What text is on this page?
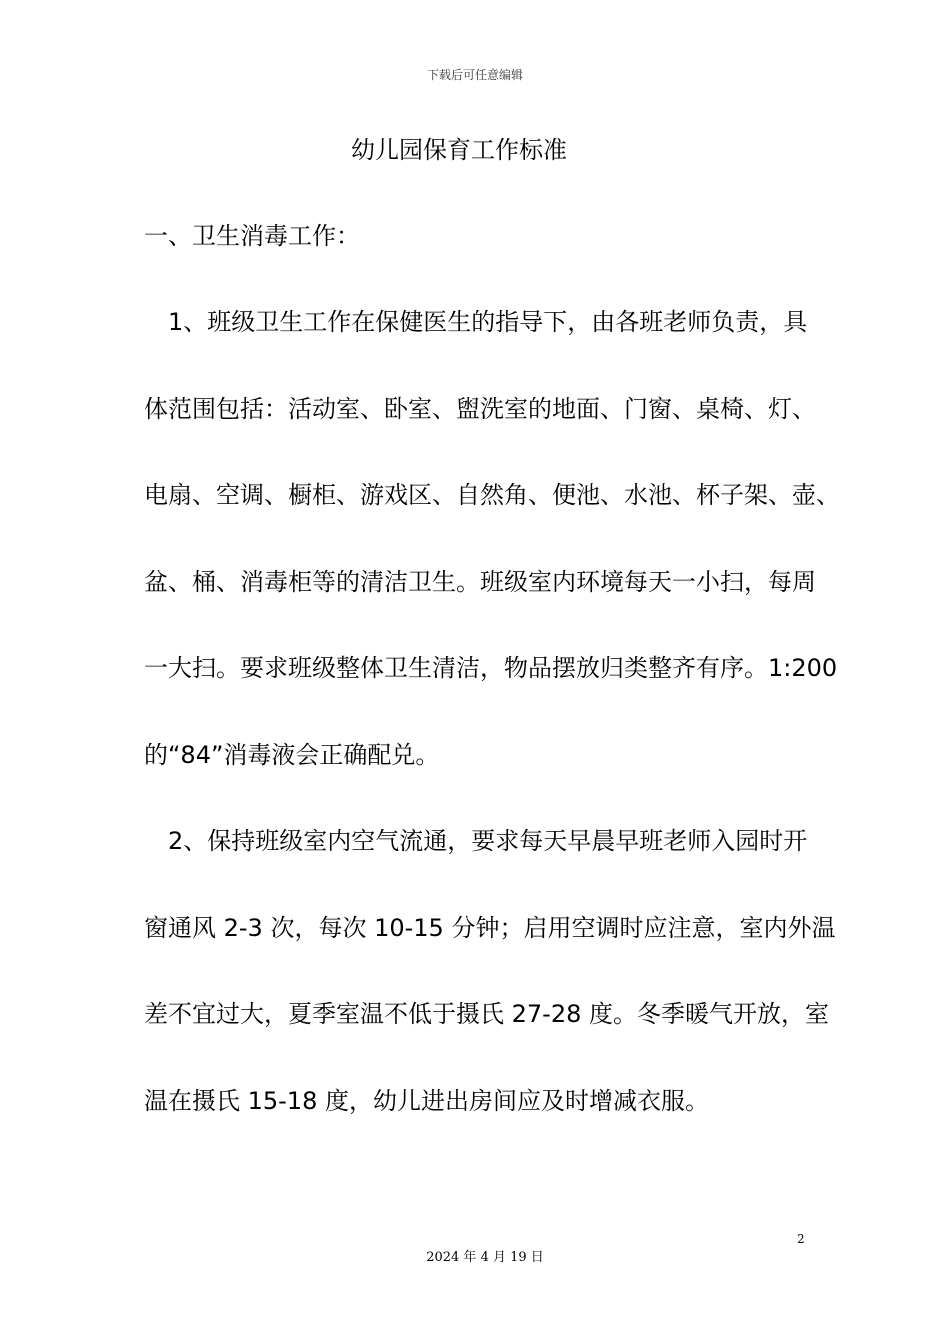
下载后可任意编辑
幼儿园保育工作标准
一、卫生消毒工作：
　1、班级卫生工作在保健医生的指导下，由各班老师负责，具
体范围包括：活动室、卧室、盥洗室的地面、门窗、桌椅、灯、
电扇、空调、橱柜、游戏区、自然角、便池、水池、杯子架、壶、
盆、桶、消毒柜等的清洁卫生。班级室内环境每天一小扫，每周
一大扫。要求班级整体卫生清洁，物品摆放归类整齐有序。1:200
的“84”消毒液会正确配兑。
　2、保持班级室内空气流通，要求每天早晨早班老师入园时开
窗通风 2-3 次，每次 10-15 分钟；启用空调时应注意，室内外温
差不宜过大，夏季室温不低于摄氏 27-28 度。冬季暖气开放，室
温在摄氏 15-18 度，幼儿进出房间应及时增减衣服。
2
2024 年 4 月 19 日
